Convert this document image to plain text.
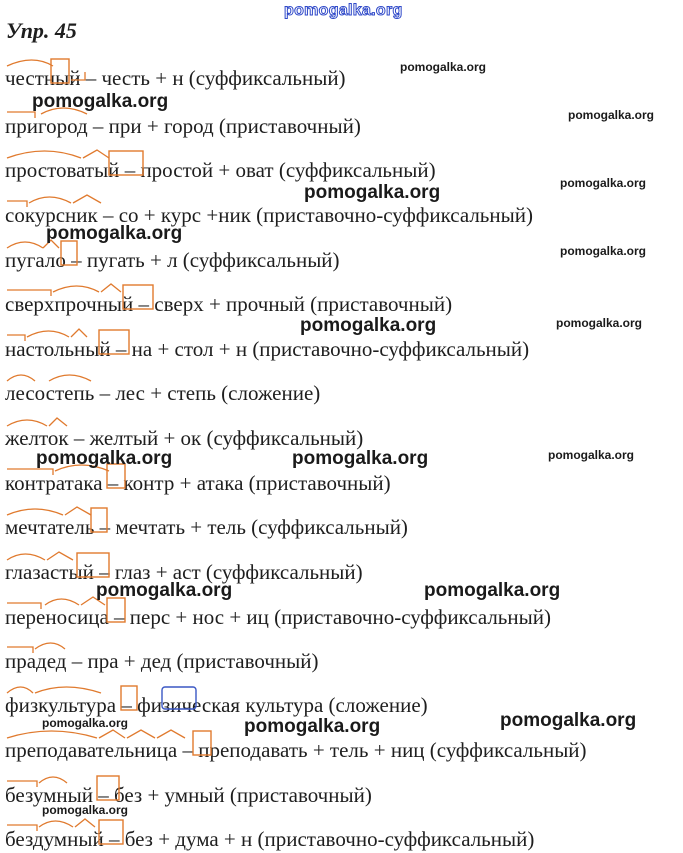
pomogalka.org
Упр. 45
честный
– честь + н (суффиксальный)
пригород
– при + город (приставочный)
простоватый
– простой + оват (суффиксальный)
сокурсник
– со + курс +ник (приставочно-суффиксальный)
пугало
– пугать + л (суффиксальный)
сверхпрочный
– сверх + прочный (приставочный)
настольный
– на + стол + н (приставочно-суффиксальный)
лесостепь
– лес + степь (сложение)
желток
– желтый + ок (суффиксальный)
контратака
– контр + атака (приставочный)
мечтатель
– мечтать + тель (суффиксальный)
глазастый
– глаз + аст (суффиксальный)
переносица
– перс + нос + иц (приставочно-суффиксальный)
прадед
– пра + дед (приставочный)
физкультура
– физическая культура (сложение)
преподавательница
– преподавать + тель + ниц (суффиксальный)
безумный
– без + умный (приставочный)
бездумный
– без + дума + н (приставочно-суффиксальный)
pomogalka.org
pomogalka.org
pomogalka.org
pomogalka.org
pomogalka.org
pomogalka.org
pomogalka.org
pomogalka.org	pomogalka.org
pomogalka.org	pomogalka.org	pomogalka.org
pomogalka.org	pomogalka.org
pomogalka.org
pomogalka.org	pomogalka.org
pomogalka.org
